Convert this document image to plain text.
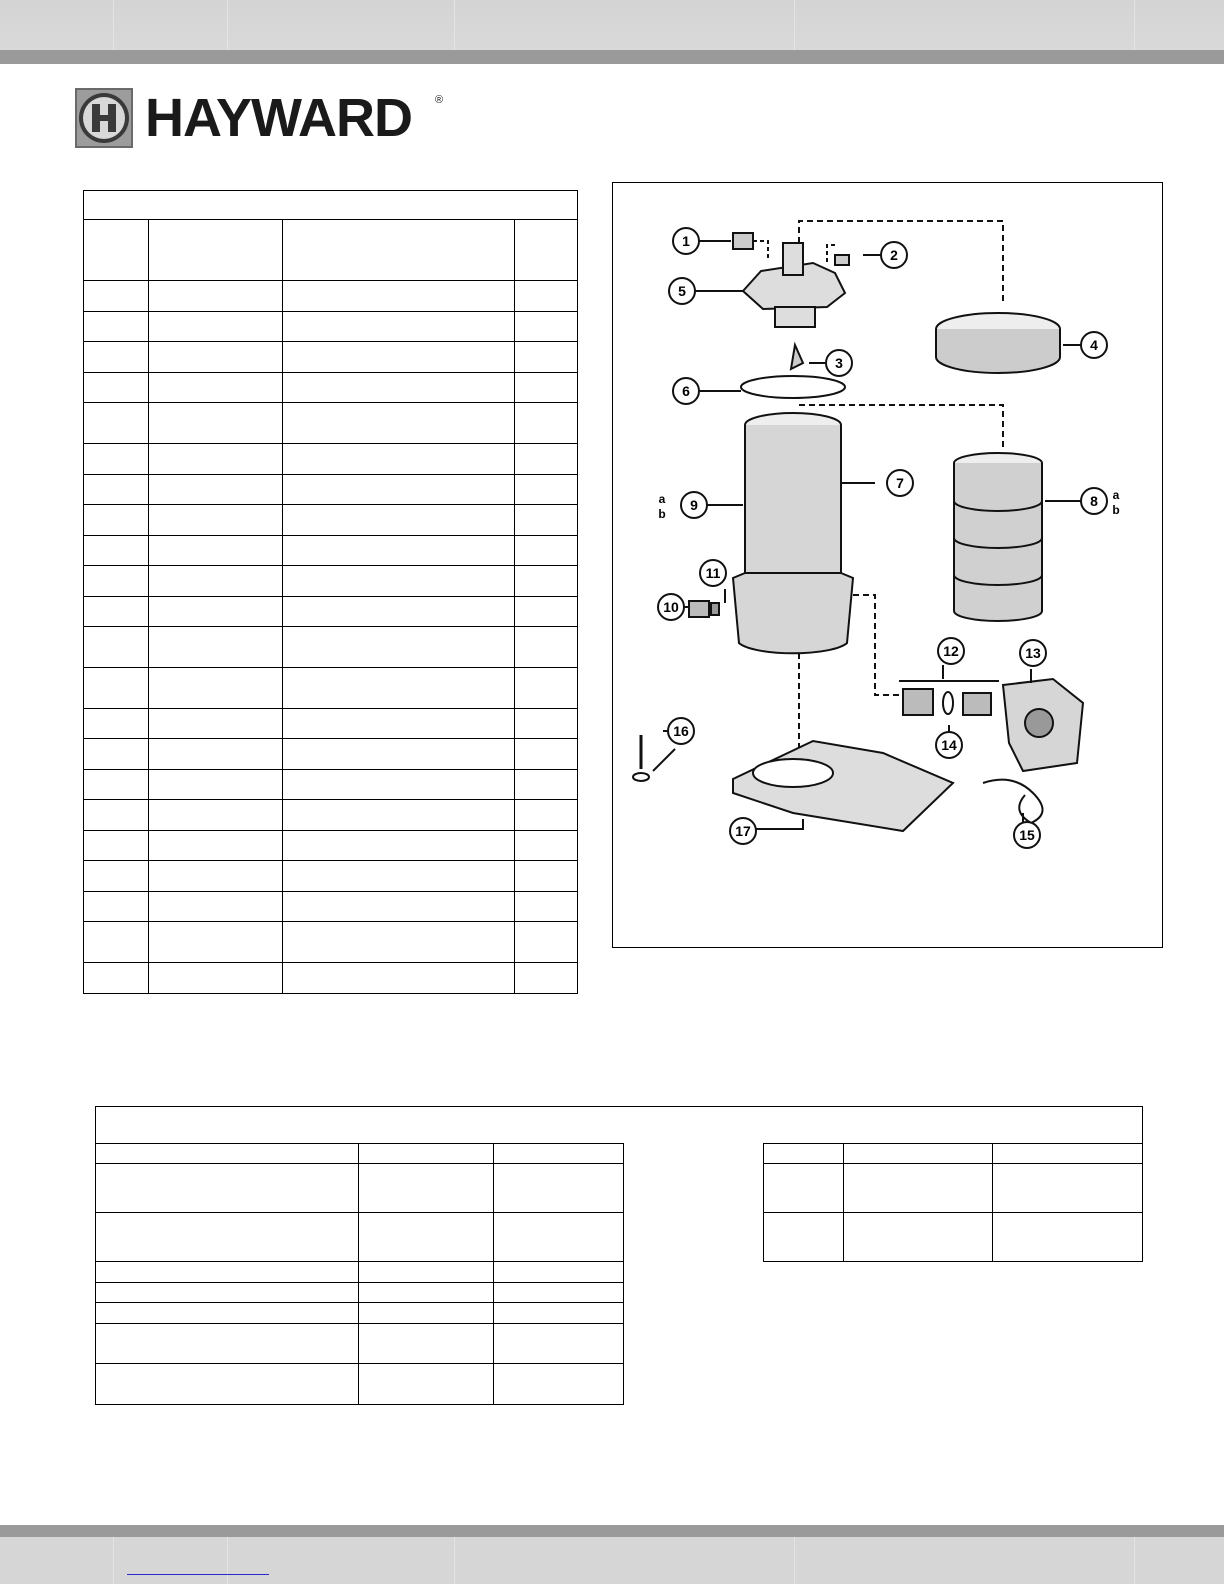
HAYWARD ®

1
2
3
4
5
6
7
8
9
10
11
12	13
14
15
16
17
a
b
a
b
